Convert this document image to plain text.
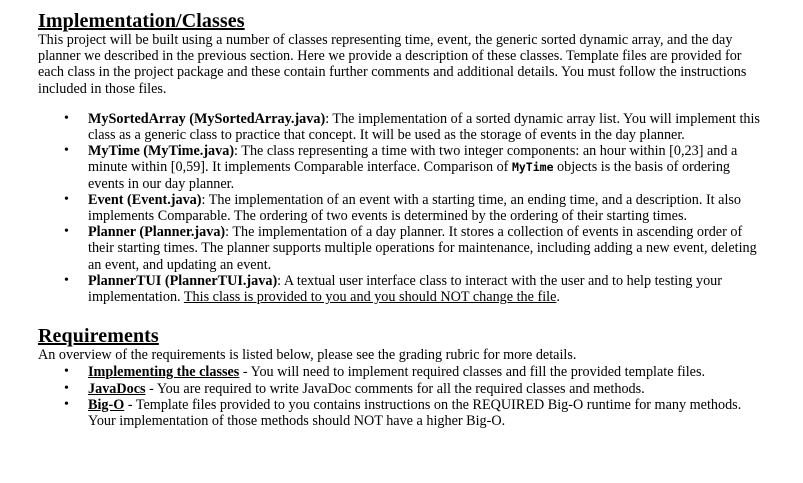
Implementation/Classes

This project will be built using a number of classes representing time, event, the generic sorted dynamic array, and the day planner we described in the previous section. Here we provide a description of these classes. Template files are provided for each class in the project package and these contain further comments and additional details. You must follow the instructions included in those files.

• MySortedArray (MySortedArray.java): The implementation of a sorted dynamic array list. You will implement this class as a generic class to practice that concept. It will be used as the storage of events in the day planner.
• MyTime (MyTime.java): The class representing a time with two integer components: an hour within [0,23] and a minute within [0,59]. It implements Comparable interface. Comparison of MyTime objects is the basis of ordering events in our day planner.
• Event (Event.java): The implementation of an event with a starting time, an ending time, and a description. It also implements Comparable. The ordering of two events is determined by the ordering of their starting times.
• Planner (Planner.java): The implementation of a day planner. It stores a collection of events in ascending order of their starting times. The planner supports multiple operations for maintenance, including adding a new event, deleting an event, and updating an event.
• PlannerTUI (PlannerTUI.java): A textual user interface class to interact with the user and to help testing your implementation. This class is provided to you and you should NOT change the file.
Requirements

An overview of the requirements is listed below, please see the grading rubric for more details.

• Implementing the classes - You will need to implement required classes and fill the provided template files.
• JavaDocs - You are required to write JavaDoc comments for all the required classes and methods.
• Big-O - Template files provided to you contains instructions on the REQUIRED Big-O runtime for many methods. Your implementation of those methods should NOT have a higher Big-O.
